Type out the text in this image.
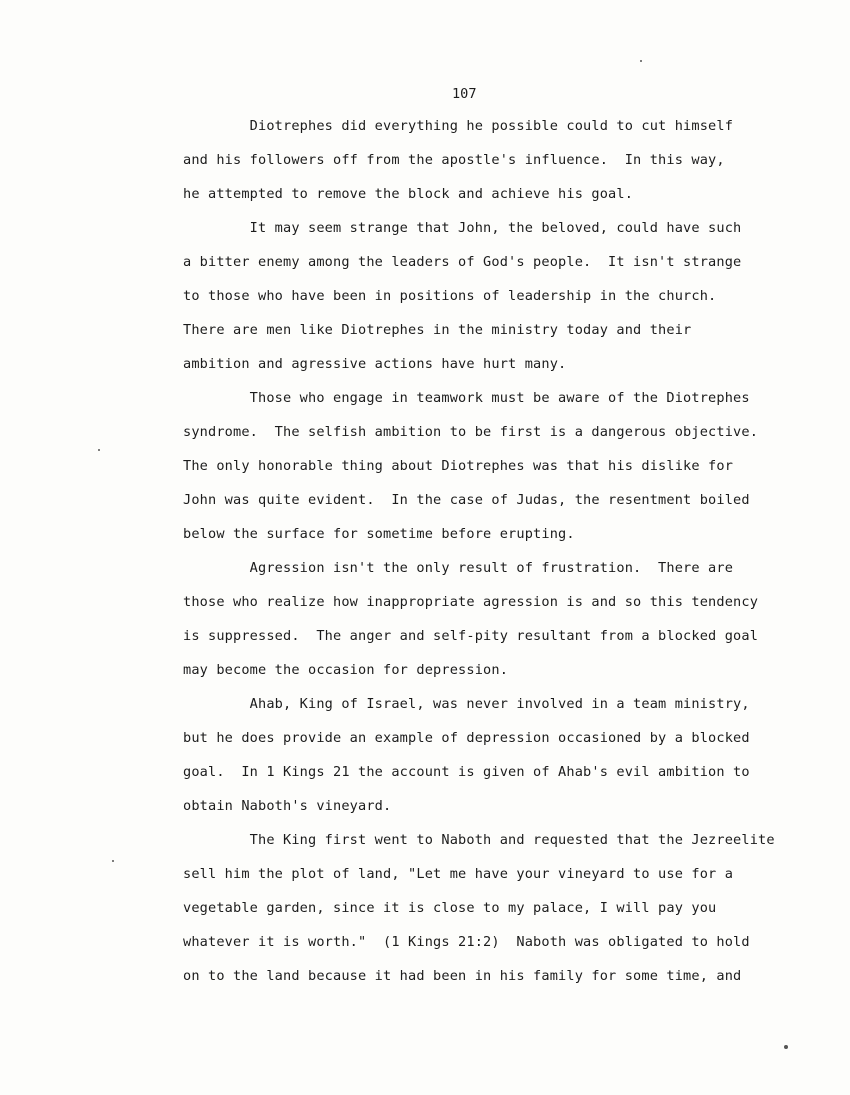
107
Diotrephes did everything he possible could to cut himself
and his followers off from the apostle's influence.  In this way,
he attempted to remove the block and achieve his goal.
It may seem strange that John, the beloved, could have such
a bitter enemy among the leaders of God's people.  It isn't strange
to those who have been in positions of leadership in the church.
There are men like Diotrephes in the ministry today and their
ambition and agressive actions have hurt many.
Those who engage in teamwork must be aware of the Diotrephes
syndrome.  The selfish ambition to be first is a dangerous objective.
The only honorable thing about Diotrephes was that his dislike for
John was quite evident.  In the case of Judas, the resentment boiled
below the surface for sometime before erupting.
Agression isn't the only result of frustration.  There are
those who realize how inappropriate agression is and so this tendency
is suppressed.  The anger and self-pity resultant from a blocked goal
may become the occasion for depression.
Ahab, King of Israel, was never involved in a team ministry,
but he does provide an example of depression occasioned by a blocked
goal.  In 1 Kings 21 the account is given of Ahab's evil ambition to
obtain Naboth's vineyard.
The King first went to Naboth and requested that the Jezreelite
sell him the plot of land, "Let me have your vineyard to use for a
vegetable garden, since it is close to my palace, I will pay you
whatever it is worth."  (1 Kings 21:2)  Naboth was obligated to hold
on to the land because it had been in his family for some time, and
